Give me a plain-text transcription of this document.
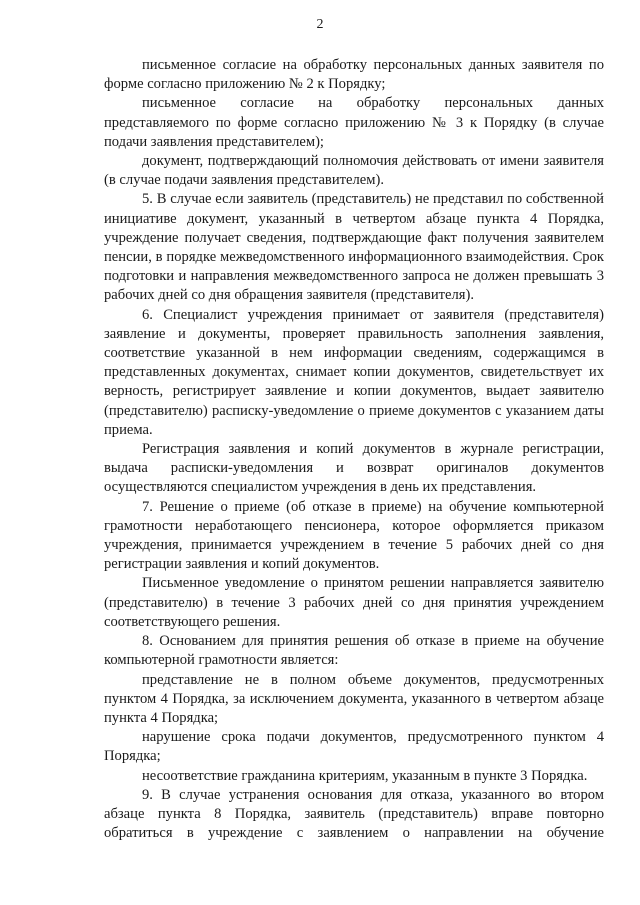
2

письменное согласие на обработку персональных данных заявителя по форме согласно приложению № 2 к Порядку;

письменное согласие на обработку персональных данных представляемого по форме согласно приложению № 3 к Порядку (в случае подачи заявления представителем);

документ, подтверждающий полномочия действовать от имени заявителя (в случае подачи заявления представителем).

5. В случае если заявитель (представитель) не представил по собственной инициативе документ, указанный в четвертом абзаце пункта 4 Порядка, учреждение получает сведения, подтверждающие факт получения заявителем пенсии, в порядке межведомственного информационного взаимодействия. Срок подготовки и направления межведомственного запроса не должен превышать 3 рабочих дней со дня обращения заявителя (представителя).

6. Специалист учреждения принимает от заявителя (представителя) заявление и документы, проверяет правильность заполнения заявления, соответствие указанной в нем информации сведениям, содержащимся в представленных документах, снимает копии документов, свидетельствует их верность, регистрирует заявление и копии документов, выдает заявителю (представителю) расписку-уведомление о приеме документов с указанием даты приема.

Регистрация заявления и копий документов в журнале регистрации, выдача расписки-уведомления и возврат оригиналов документов осуществляются специалистом учреждения в день их представления.

7. Решение о приеме (об отказе в приеме) на обучение компьютерной грамотности неработающего пенсионера, которое оформляется приказом учреждения, принимается учреждением в течение 5 рабочих дней со дня регистрации заявления и копий документов.

Письменное уведомление о принятом решении направляется заявителю (представителю) в течение 3 рабочих дней со дня принятия учреждением соответствующего решения.

8. Основанием для принятия решения об отказе в приеме на обучение компьютерной грамотности является:

представление не в полном объеме документов, предусмотренных пунктом 4 Порядка, за исключением документа, указанного в четвертом абзаце пункта 4 Порядка;

нарушение срока подачи документов, предусмотренного пунктом 4 Порядка;

несоответствие гражданина критериям, указанным в пункте 3 Порядка.

9. В случае устранения основания для отказа, указанного во втором абзаце пункта 8 Порядка, заявитель (представитель) вправе повторно обратиться в учреждение с заявлением о направлении на обучение
